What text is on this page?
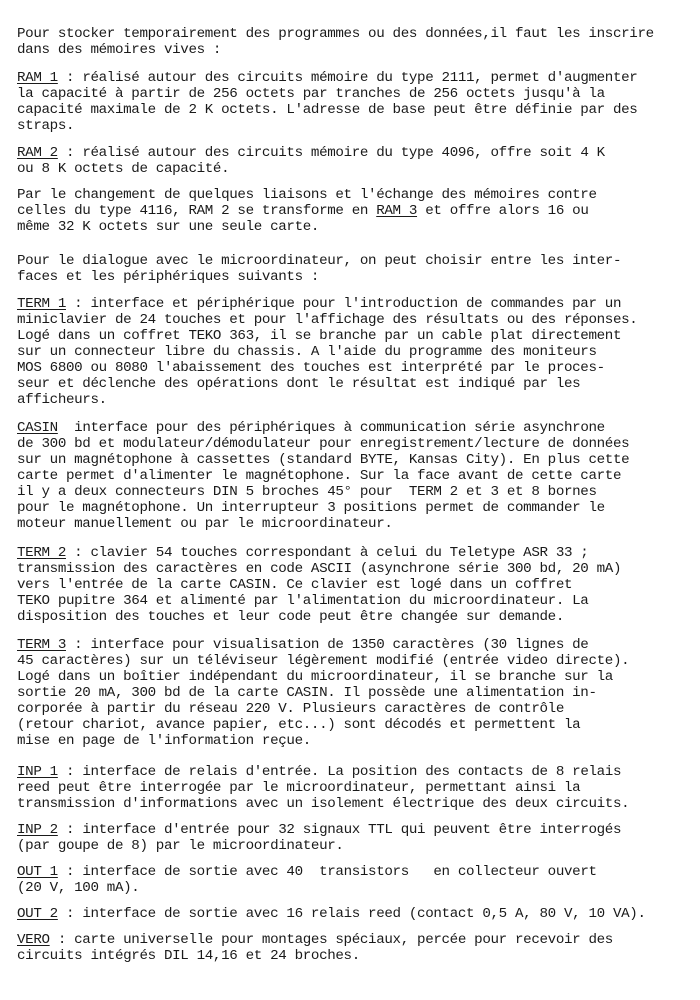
Pour stocker temporairement des programmes ou des données,il faut les inscrire
dans des mémoires vives :
RAM 1 : réalisé autour des circuits mémoire du type 2111, permet d'augmenter
la capacité à partir de 256 octets par tranches de 256 octets jusqu'à la
capacité maximale de 2 K octets. L'adresse de base peut être définie par des
straps.
RAM 2 : réalisé autour des circuits mémoire du type 4096, offre soit 4 K
ou 8 K octets de capacité.
Par le changement de quelques liaisons et l'échange des mémoires contre
celles du type 4116, RAM 2 se transforme en RAM 3 et offre alors 16 ou
même 32 K octets sur une seule carte.
Pour le dialogue avec le microordinateur, on peut choisir entre les inter-
faces et les périphériques suivants :
TERM 1 : interface et périphérique pour l'introduction de commandes par un
miniclavier de 24 touches et pour l'affichage des résultats ou des réponses.
Logé dans un coffret TEKO 363, il se branche par un cable plat directement
sur un connecteur libre du chassis. A l'aide du programme des moniteurs
MOS 6800 ou 8080 l'abaissement des touches est interprété par le proces-
seur et déclenche des opérations dont le résultat est indiqué par les
afficheurs.
CASIN  interface pour des périphériques à communication série asynchrone
de 300 bd et modulateur/démodulateur pour enregistrement/lecture de données
sur un magnétophone à cassettes (standard BYTE, Kansas City). En plus cette
carte permet d'alimenter le magnétophone. Sur la face avant de cette carte
il y a deux connecteurs DIN 5 broches 45° pour  TERM 2 et 3 et 8 bornes
pour le magnétophone. Un interrupteur 3 positions permet de commander le
moteur manuellement ou par le microordinateur.
TERM 2 : clavier 54 touches correspondant à celui du Teletype ASR 33 ;
transmission des caractères en code ASCII (asynchrone série 300 bd, 20 mA)
vers l'entrée de la carte CASIN. Ce clavier est logé dans un coffret
TEKO pupitre 364 et alimenté par l'alimentation du microordinateur. La
disposition des touches et leur code peut être changée sur demande.
TERM 3 : interface pour visualisation de 1350 caractères (30 lignes de
45 caractères) sur un téléviseur légèrement modifié (entrée video directe).
Logé dans un boîtier indépendant du microordinateur, il se branche sur la
sortie 20 mA, 300 bd de la carte CASIN. Il possède une alimentation in-
corporée à partir du réseau 220 V. Plusieurs caractères de contrôle
(retour chariot, avance papier, etc...) sont décodés et permettent la
mise en page de l'information reçue.
INP 1 : interface de relais d'entrée. La position des contacts de 8 relais
reed peut être interrogée par le microordinateur, permettant ainsi la
transmission d'informations avec un isolement électrique des deux circuits.
INP 2 : interface d'entrée pour 32 signaux TTL qui peuvent être interrogés
(par goupe de 8) par le microordinateur.
OUT 1 : interface de sortie avec 40  transistors   en collecteur ouvert
(20 V, 100 mA).
OUT 2 : interface de sortie avec 16 relais reed (contact 0,5 A, 80 V, 10 VA).
VERO : carte universelle pour montages spéciaux, percée pour recevoir des
circuits intégrés DIL 14,16 et 24 broches.
